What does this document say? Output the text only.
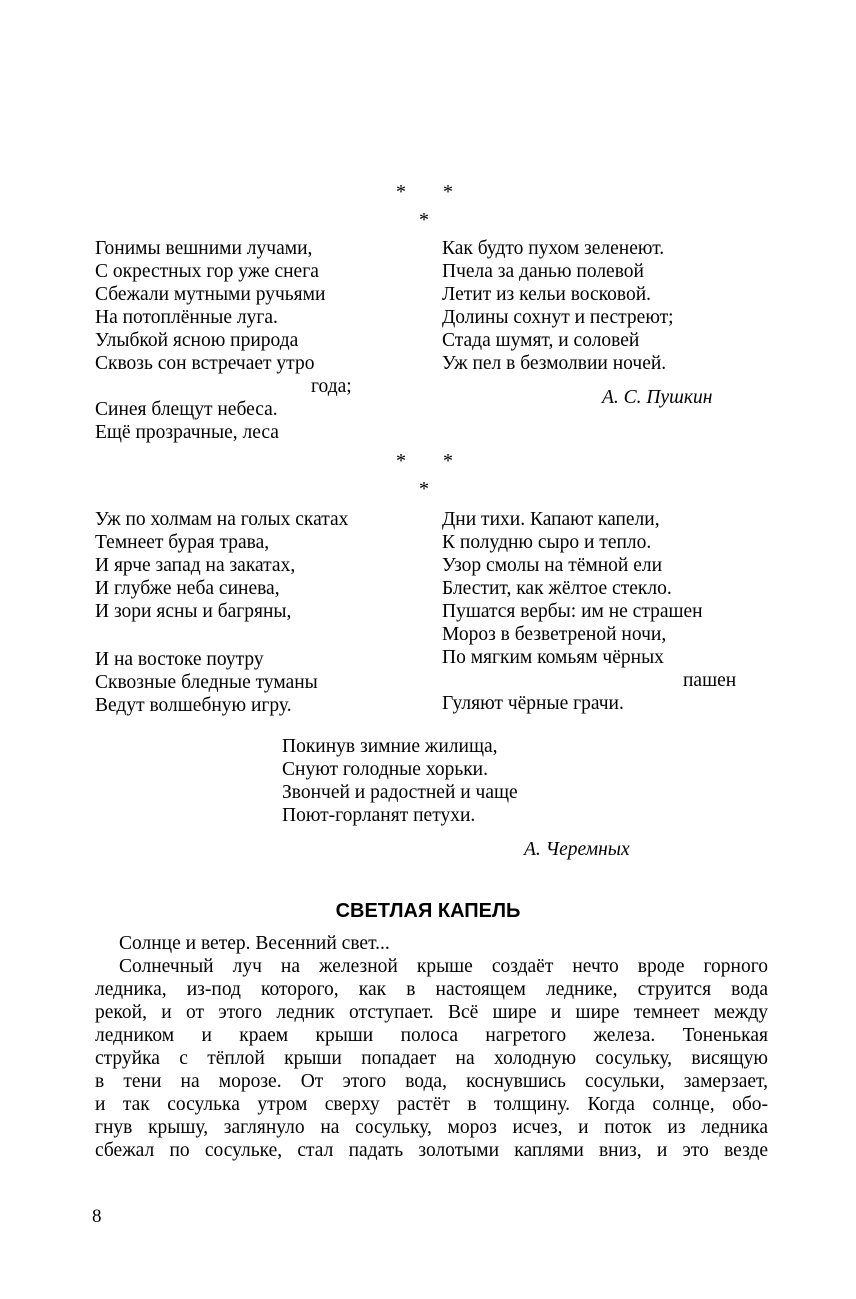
* *
*
Гонимы вешними лучами,
С окрестных гор уже снега
Сбежали мутными ручьями
На потоплённые луга.
Улыбкой ясною природа
Сквозь сон встречает утро
года;
Синея блещут небеса.
Ещё прозрачные, леса
Как будто пухом зеленеют.
Пчела за данью полевой
Летит из кельи восковой.
Долины сохнут и пестреют;
Стада шумят, и соловей
Уж пел в безмолвии ночей.
А. С. Пушкин
* *
*
Уж по холмам на голых скатах
Темнеет бурая трава,
И ярче запад на закатах,
И глубже неба синева,
И зори ясны и багряны,
И на востоке поутру
Сквозные бледные туманы
Ведут волшебную игру.
Дни тихи. Капают капели,
К полудню сыро и тепло.
Узор смолы на тёмной ели
Блестит, как жёлтое стекло.
Пушатся вербы: им не страшен
Мороз в безветреной ночи,
По мягким комьям чёрных
пашен
Гуляют чёрные грачи.
Покинув зимние жилища,
Снуют голодные хорьки.
Звончей и радостней и чаще
Поют-горланят петухи.
А. Черемных
СВЕТЛАЯ КАПЕЛЬ
Солнце и ветер. Весенний свет...
Солнечный луч на железной крыше создаёт нечто вроде горного
ледника, из-под которого, как в настоящем леднике, струится вода
рекой, и от этого ледник отступает. Всё шире и шире темнеет между
ледником и краем крыши полоса нагретого железа. Тоненькая
струйка с тёплой крыши попадает на холодную сосульку, висящую
в тени на морозе. От этого вода, коснувшись сосульки, замерзает,
и так сосулька утром сверху растёт в толщину. Когда солнце, обо-
гнув крышу, заглянуло на сосульку, мороз исчез, и поток из ледника
сбежал по сосульке, стал падать золотыми каплями вниз, и это везде
8
